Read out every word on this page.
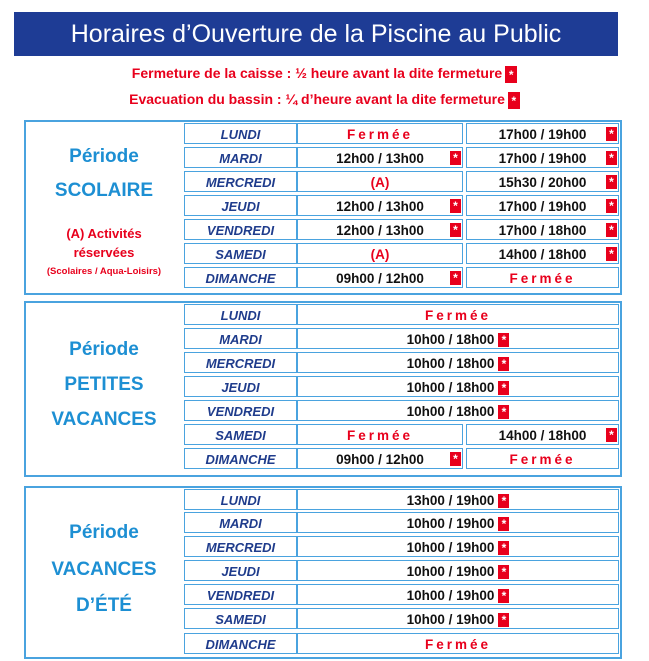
Horaires d’Ouverture de la Piscine au Public
Fermeture de la caisse : ½ heure avant la dite fermeture *
Evacuation du bassin : ¼ d’heure avant la dite fermeture *
Période
SCOLAIRE
(A) Activités
réservées
(Scolaires / Aqua-Loisirs)
LUNDI	Fermée	17h00 / 19h00 *
MARDI	12h00 / 13h00 *	17h00 / 19h00 *
MERCREDI	(A)	15h30 / 20h00 *
JEUDI	12h00 / 13h00 *	17h00 / 19h00 *
VENDREDI	12h00 / 13h00 *	17h00 / 18h00 *
SAMEDI	(A)	14h00 / 18h00 *
DIMANCHE	09h00 / 12h00 *	Fermée
Période
PETITES
VACANCES
LUNDI	Fermée
MARDI	10h00 / 18h00 *
MERCREDI	10h00 / 18h00 *
JEUDI	10h00 / 18h00 *
VENDREDI	10h00 / 18h00 *
SAMEDI	Fermée	14h00 / 18h00 *
DIMANCHE	09h00 / 12h00 *	Fermée
Période
VACANCES
D’ÉTÉ
LUNDI	13h00 / 19h00 *
MARDI	10h00 / 19h00 *
MERCREDI	10h00 / 19h00 *
JEUDI	10h00 / 19h00 *
VENDREDI	10h00 / 19h00 *
SAMEDI	10h00 / 19h00 *
DIMANCHE	Fermée
